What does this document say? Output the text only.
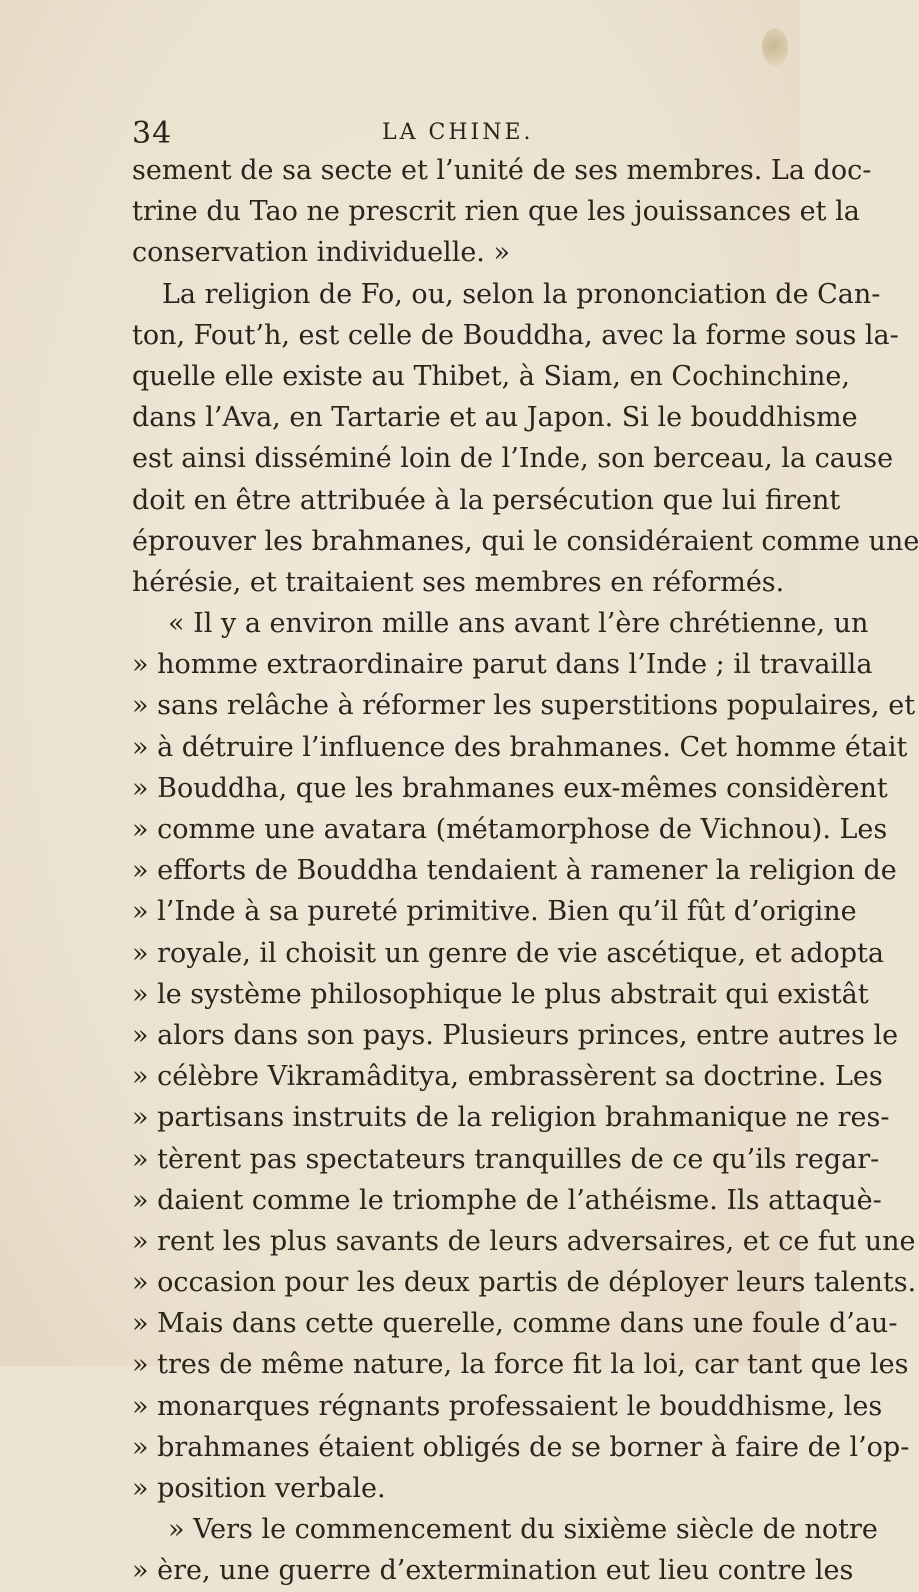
34	LA CHINE.
sement de sa secte et l’unité de ses membres. La doc-
trine du Tao ne prescrit rien que les jouissances et la
conservation individuelle. »
La religion de Fo, ou, selon la prononciation de Can-
ton, Fout’h, est celle de Bouddha, avec la forme sous la-
quelle elle existe au Thibet, à Siam, en Cochinchine,
dans l’Ava, en Tartarie et au Japon. Si le bouddhisme
est ainsi disséminé loin de l’Inde, son berceau, la cause
doit en être attribuée à la persécution que lui firent
éprouver les brahmanes, qui le considéraient comme une
hérésie, et traitaient ses membres en réformés.
« Il y a environ mille ans avant l’ère chrétienne, un
» homme extraordinaire parut dans l’Inde ; il travailla
» sans relâche à réformer les superstitions populaires, et
» à détruire l’influence des brahmanes. Cet homme était
» Bouddha, que les brahmanes eux-mêmes considèrent
» comme une avatara (métamorphose de Vichnou). Les
» efforts de Bouddha tendaient à ramener la religion de
» l’Inde à sa pureté primitive. Bien qu’il fût d’origine
» royale, il choisit un genre de vie ascétique, et adopta
» le système philosophique le plus abstrait qui existât
» alors dans son pays. Plusieurs princes, entre autres le
» célèbre Vikramâditya, embrassèrent sa doctrine. Les
» partisans instruits de la religion brahmanique ne res-
» tèrent pas spectateurs tranquilles de ce qu’ils regar-
» daient comme le triomphe de l’athéisme. Ils attaquè-
» rent les plus savants de leurs adversaires, et ce fut une
» occasion pour les deux partis de déployer leurs talents.
» Mais dans cette querelle, comme dans une foule d’au-
» tres de même nature, la force fit la loi, car tant que les
» monarques régnants professaient le bouddhisme, les
» brahmanes étaient obligés de se borner à faire de l’op-
» position verbale.
» Vers le commencement du sixième siècle de notre
» ère, une guerre d’extermination eut lieu contre les
